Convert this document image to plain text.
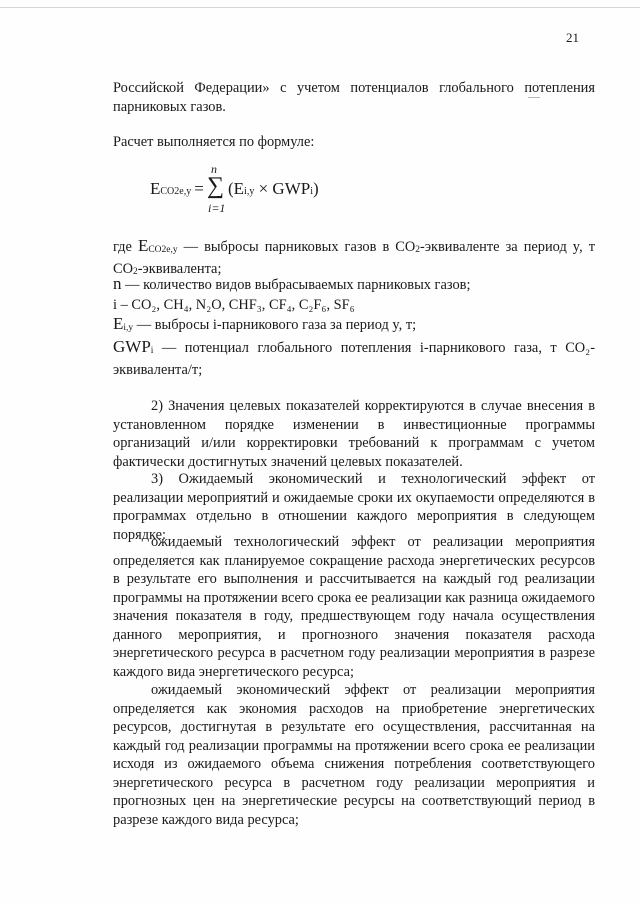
21
Российской Федерации» с учетом потенциалов глобального потепления парниковых газов.
Расчет выполняется по формуле:
ECO2e,y =
n
∑
i=1
(Ei,y × GWPi)
где ECO2e,y — выбросы парниковых газов в CO2-эквиваленте за период y, т CO2-эквивалента;
n — количество видов выбрасываемых парниковых газов;
i – CO₂, CH₄, N₂O, CHF₃, CF₄, C₂F₆, SF₆
Ei,y — выбросы i-парникового газа за период y, т;
GWPi — потенциал глобального потепления i-парникового газа, т CO₂-эквивалента/т;
2) Значения целевых показателей корректируются в случае внесения в установленном порядке изменении в инвестиционные программы организаций и/или корректировки требований к программам с учетом фактически достигнутых значений целевых показателей.
3) Ожидаемый экономический и технологический эффект от реализации мероприятий и ожидаемые сроки их окупаемости определяются в программах отдельно в отношении каждого мероприятия в следующем порядке:
ожидаемый технологический эффект от реализации мероприятия определяется как планируемое сокращение расхода энергетических ресурсов в результате его выполнения и рассчитывается на каждый год реализации программы на протяжении всего срока ее реализации как разница ожидаемого значения показателя в году, предшествующем году начала осуществления данного мероприятия, и прогнозного значения показателя расхода энергетического ресурса в расчетном году реализации мероприятия в разрезе каждого вида энергетического ресурса;
ожидаемый экономический эффект от реализации мероприятия определяется как экономия расходов на приобретение энергетических ресурсов, достигнутая в результате его осуществления, рассчитанная на каждый год реализации программы на протяжении всего срока ее реализации исходя из ожидаемого объема снижения потребления соответствующего энергетического ресурса в расчетном году реализации мероприятия и прогнозных цен на энергетические ресурсы на соответствующий период в разрезе каждого вида ресурса;
